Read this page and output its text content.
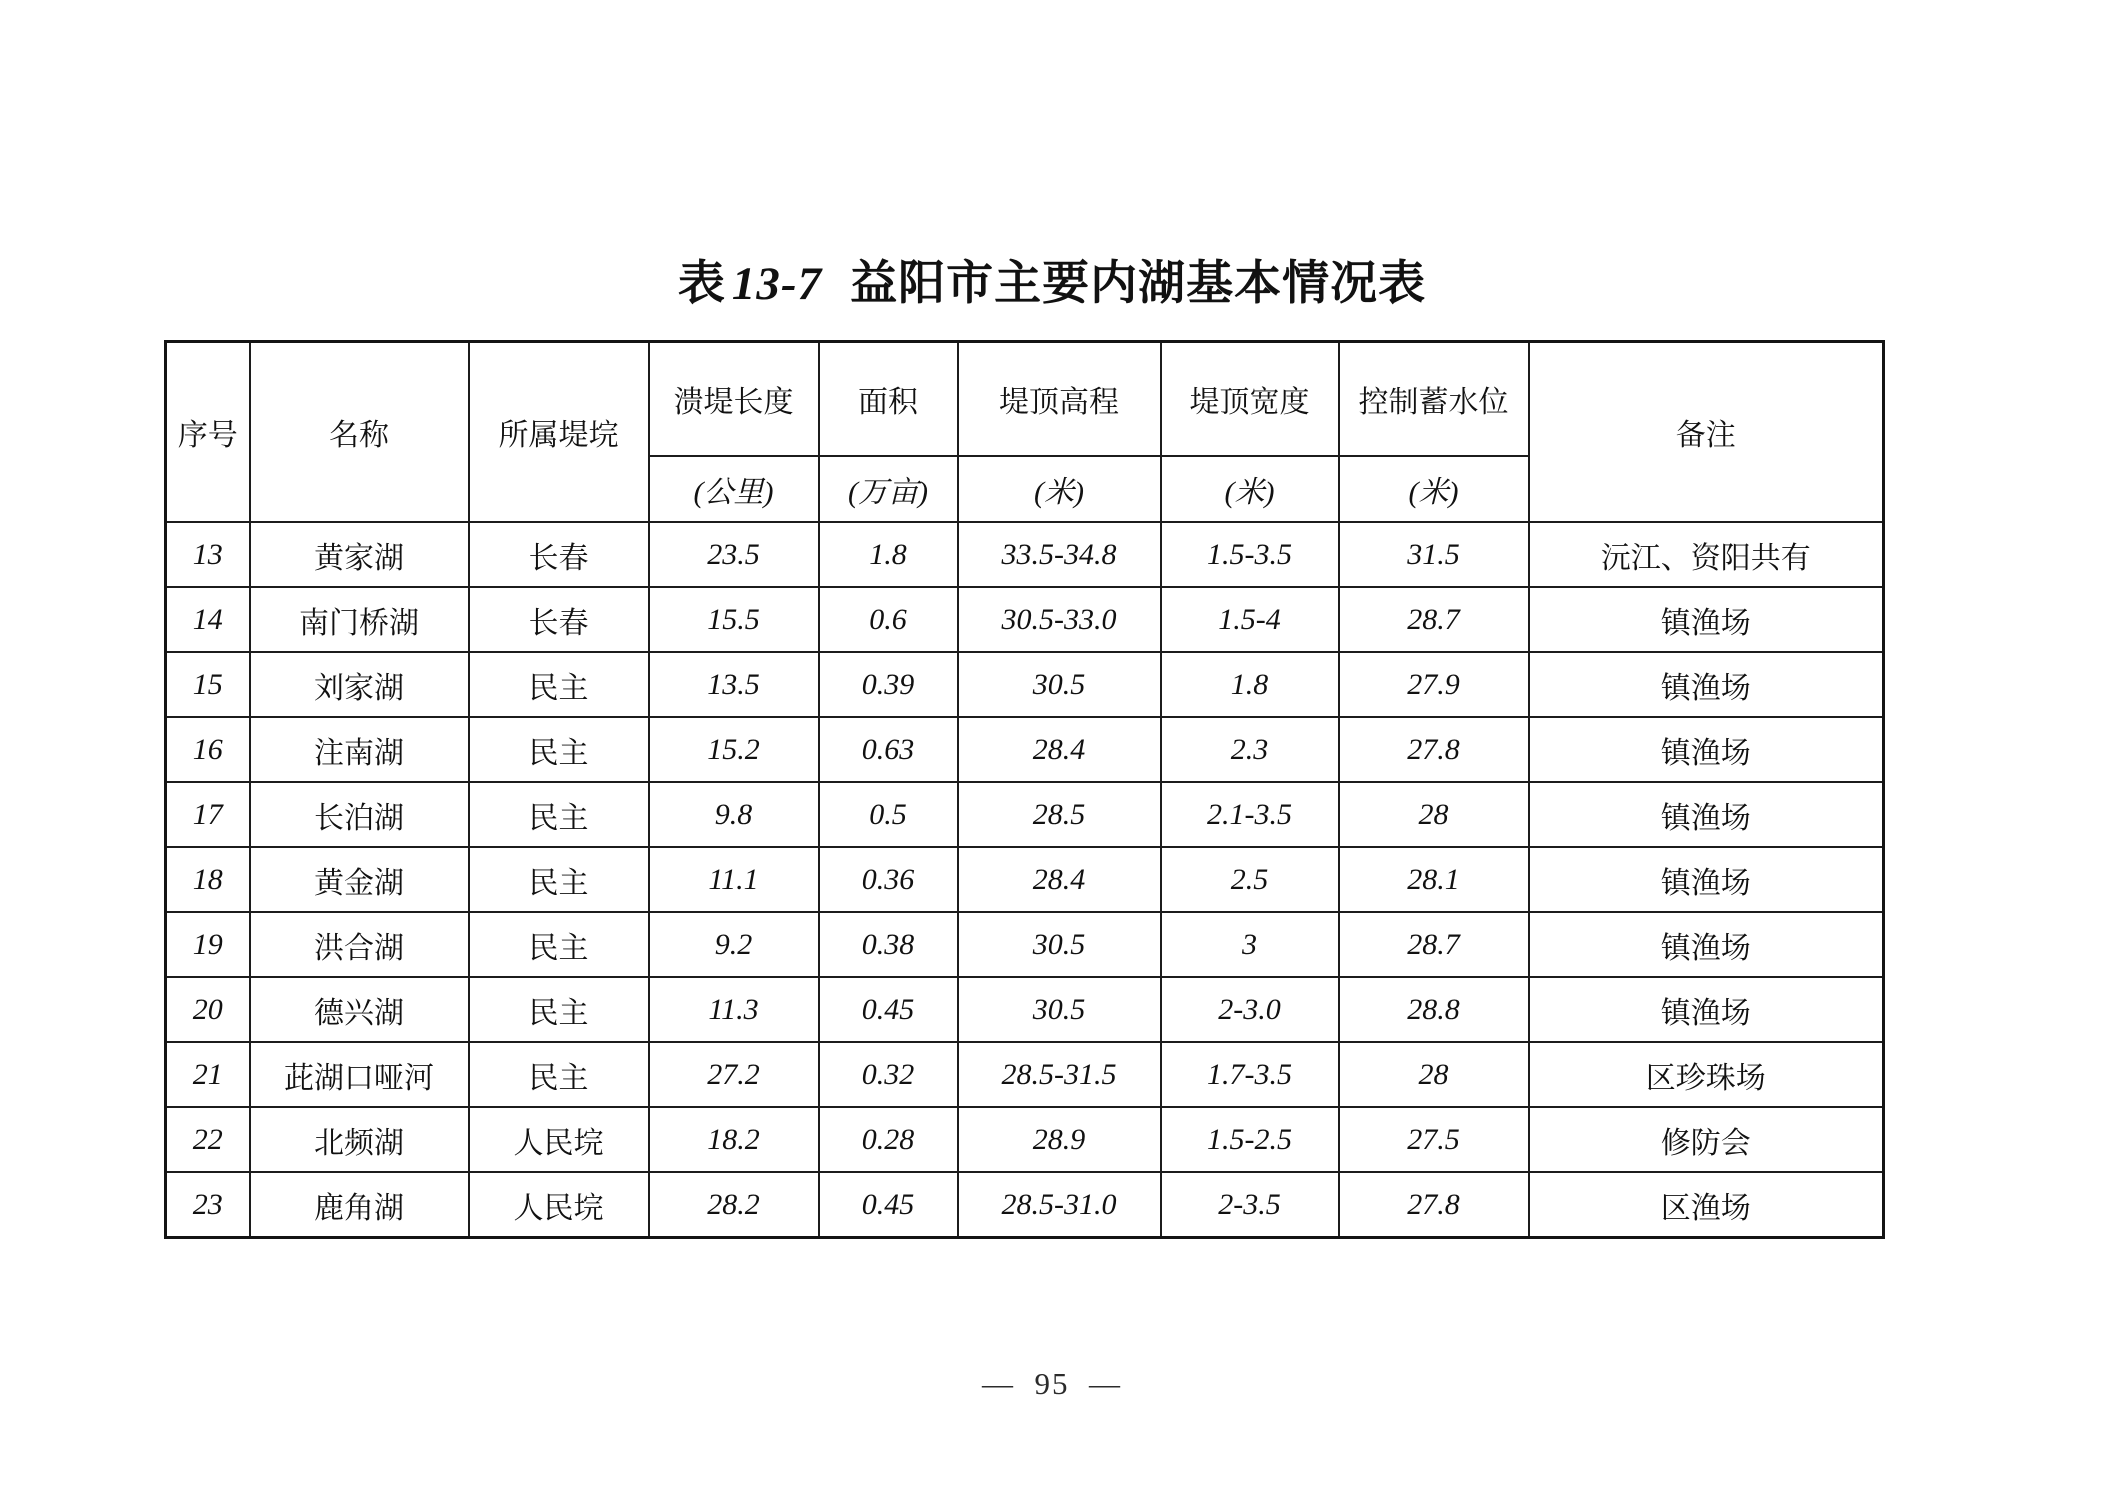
表 13-7 益阳市主要内湖基本情况表
序号	名称	所属堤垸	溃堤长度	面积	堤顶高程	堤顶宽度	控制蓄水位	备注
			(公里)	(万亩)	(米)	(米)	(米)	
13	黄家湖	长春	23.5	1.8	33.5-34.8	1.5-3.5	31.5	沅江、资阳共有
14	南门桥湖	长春	15.5	0.6	30.5-33.0	1.5-4	28.7	镇渔场
15	刘家湖	民主	13.5	0.39	30.5	1.8	27.9	镇渔场
16	注南湖	民主	15.2	0.63	28.4	2.3	27.8	镇渔场
17	长泊湖	民主	9.8	0.5	28.5	2.1-3.5	28	镇渔场
18	黄金湖	民主	11.1	0.36	28.4	2.5	28.1	镇渔场
19	洪合湖	民主	9.2	0.38	30.5	3	28.7	镇渔场
20	德兴湖	民主	11.3	0.45	30.5	2-3.0	28.8	镇渔场
21	茈湖口哑河	民主	27.2	0.32	28.5-31.5	1.7-3.5	28	区珍珠场
22	北频湖	人民垸	18.2	0.28	28.9	1.5-2.5	27.5	修防会
23	鹿角湖	人民垸	28.2	0.45	28.5-31.0	2-3.5	27.8	区渔场
—  95  —
